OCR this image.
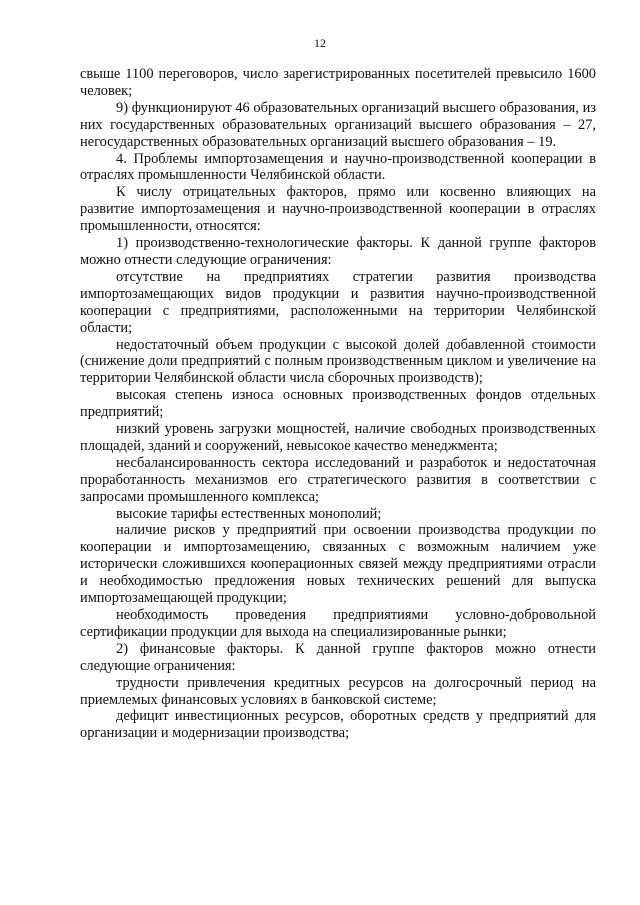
12

свыше 1100 переговоров, число зарегистрированных посетителей превысило 1600 человек;

9) функционируют 46 образовательных организаций высшего образования, из них государственных образовательных организаций высшего образования – 27, негосударственных образовательных организаций высшего образования – 19.

4. Проблемы импортозамещения и научно-производственной кооперации в отраслях промышленности Челябинской области.

К числу отрицательных факторов, прямо или косвенно влияющих на развитие импортозамещения и научно-производственной кооперации в отраслях промышленности, относятся:

1) производственно-технологические факторы. К данной группе факторов можно отнести следующие ограничения:

отсутствие на предприятиях стратегии развития производства импортозамещающих видов продукции и развития научно-производственной кооперации с предприятиями, расположенными на территории Челябинской области;

недостаточный объем продукции с высокой долей добавленной стоимости (снижение доли предприятий с полным производственным циклом и увеличение на территории Челябинской области числа сборочных производств);

высокая степень износа основных производственных фондов отдельных предприятий;

низкий уровень загрузки мощностей, наличие свободных производственных площадей, зданий и сооружений, невысокое качество менеджмента;

несбалансированность сектора исследований и разработок и недостаточная проработанность механизмов его стратегического развития в соответствии с запросами промышленного комплекса;

высокие тарифы естественных монополий;

наличие рисков у предприятий при освоении производства продукции по кооперации и импортозамещению, связанных с возможным наличием уже исторически сложившихся кооперационных связей между предприятиями отрасли и необходимостью предложения новых технических решений для выпуска импортозамещающей продукции;

необходимость проведения предприятиями условно-добровольной сертификации продукции для выхода на специализированные рынки;

2) финансовые факторы. К данной группе факторов можно отнести следующие ограничения:

трудности привлечения кредитных ресурсов на долгосрочный период на приемлемых финансовых условиях в банковской системе;

дефицит инвестиционных ресурсов, оборотных средств у предприятий для организации и модернизации производства;
